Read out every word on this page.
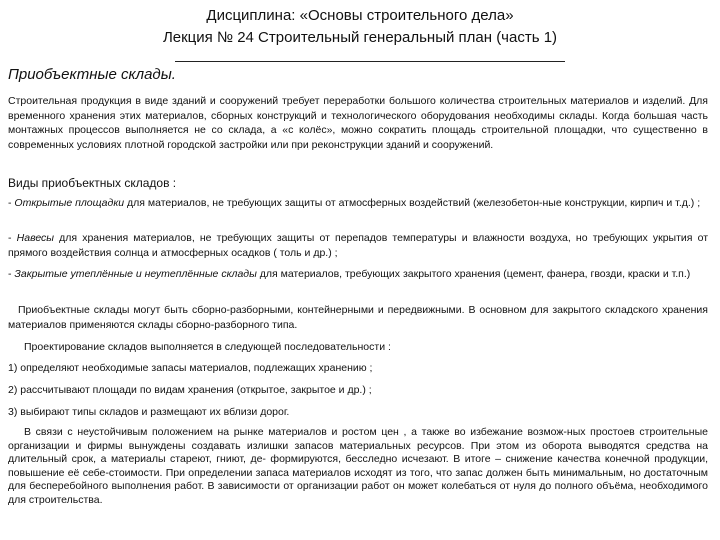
Дисциплина: «Основы строительного дела»
Лекция № 24 Строительный генеральный план (часть 1)
Приобъектные склады.

Строительная продукция в виде зданий и сооружений требует переработки большого количества строительных материалов и изделий. Для временного хранения этих материалов, сборных конструкций и технологического оборудования необходимы склады. Когда большая часть монтажных процессов выполняется не со склада, а «с колёс», можно сократить площадь строительной площадки, что существенно в современных условиях плотной городской застройки или при реконструкции зданий и сооружений.

Виды приобъектных складов :

- Открытые площадки для материалов, не требующих защиты от атмосферных воздействий (железобетон-ные конструкции, кирпич и т.д.) ;

- Навесы для хранения материалов, не требующих защиты от перепадов температуры и влажности воздуха, но требующих укрытия от прямого воздействия солнца и атмосферных осадков ( толь и др.) ;

- Закрытые утеплённые и неутеплённые склады для материалов, требующих закрытого хранения (цемент, фанера, гвозди, краски и т.п.)

Приобъектные склады могут быть сборно-разборными, контейнерными и передвижными. В основном для закрытого складского хранения материалов применяются склады сборно-разборного типа.

Проектирование складов выполняется в следующей последовательности :

1) определяют необходимые запасы материалов, подлежащих хранению ;

2) рассчитывают площади по видам хранения (открытое, закрытое и др.) ;

3) выбирают типы складов и размещают их вблизи дорог.

В связи с неустойчивым положением на рынке материалов и ростом цен , а также во избежание возмож-ных простоев строительные организации и фирмы вынуждены создавать излишки запасов материальных ресурсов. При этом из оборота выводятся средства на длительный срок, а материалы стареют, гниют, де- формируются, бесследно исчезают. В итоге – снижение качества конечной продукции, повышение её себе-стоимости. При определении запаса материалов исходят из того, что запас должен быть минимальным, но достаточным для бесперебойного выполнения работ. В зависимости от организации работ он может колебаться от нуля до полного объёма, необходимого для строительства.
